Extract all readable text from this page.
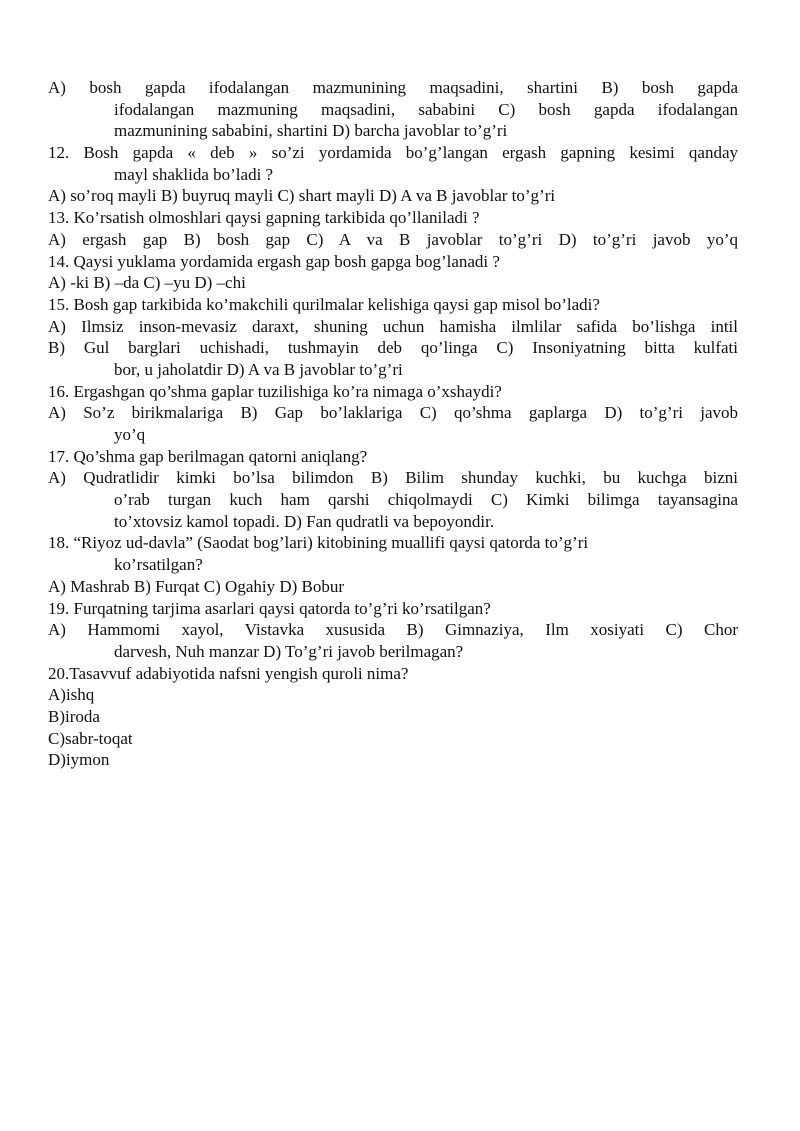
A) bosh gapda ifodalangan mazmunining maqsadini, shartini B) bosh gapda
ifodalangan mazmuning maqsadini, sababini C) bosh gapda ifodalangan
mazmunining sababini, shartini D) barcha javoblar to’g’ri
12. Bosh gapda « deb » so’zi yordamida bo’g’langan ergash gapning kesimi qanday
mayl shaklida bo’ladi ?
A) so’roq mayli B) buyruq mayli C) shart mayli D) A va B javoblar to’g’ri
13. Ko’rsatish olmoshlari qaysi gapning tarkibida qo’llaniladi ?
A) ergash gap B) bosh gap C) A va B javoblar to’g’ri D) to’g’ri javob yo’q
14. Qaysi yuklama yordamida ergash gap bosh gapga bog’lanadi ?
A) -ki B) –da C) –yu D) –chi
15. Bosh gap tarkibida ko’makchili qurilmalar kelishiga qaysi gap misol bo’ladi?
A) Ilmsiz inson-mevasiz daraxt, shuning uchun hamisha ilmlilar safida bo’lishga intil
B) Gul barglari uchishadi, tushmayin deb qo’linga C) Insoniyatning bitta kulfati
bor, u jaholatdir D) A va B javoblar to’g’ri
16. Ergashgan qo’shma gaplar tuzilishiga ko’ra nimaga o’xshaydi?
A) So’z birikmalariga B) Gap bo’laklariga C) qo’shma gaplarga D) to’g’ri javob
yo’q
17. Qo’shma gap berilmagan qatorni aniqlang?
A) Qudratlidir kimki bo’lsa bilimdon B) Bilim shunday kuchki, bu kuchga bizni
o’rab turgan kuch ham qarshi chiqolmaydi C) Kimki bilimga tayansagina
to’xtovsiz kamol topadi. D) Fan qudratli va bepoyondir.
18. “Riyoz ud-davla” (Saodat bog’lari) kitobining muallifi qaysi qatorda to’g’ri
ko’rsatilgan?
A) Mashrab B) Furqat C) Ogahiy D) Bobur
19. Furqatning tarjima asarlari qaysi qatorda to’g’ri ko’rsatilgan?
A) Hammomi xayol, Vistavka xususida B) Gimnaziya, Ilm xosiyati C) Chor
darvesh, Nuh manzar D) To’g’ri javob berilmagan?
20.Tasavvuf adabiyotida nafsni yengish quroli nima?
A)ishq
B)iroda
C)sabr-toqat
D)iymon
